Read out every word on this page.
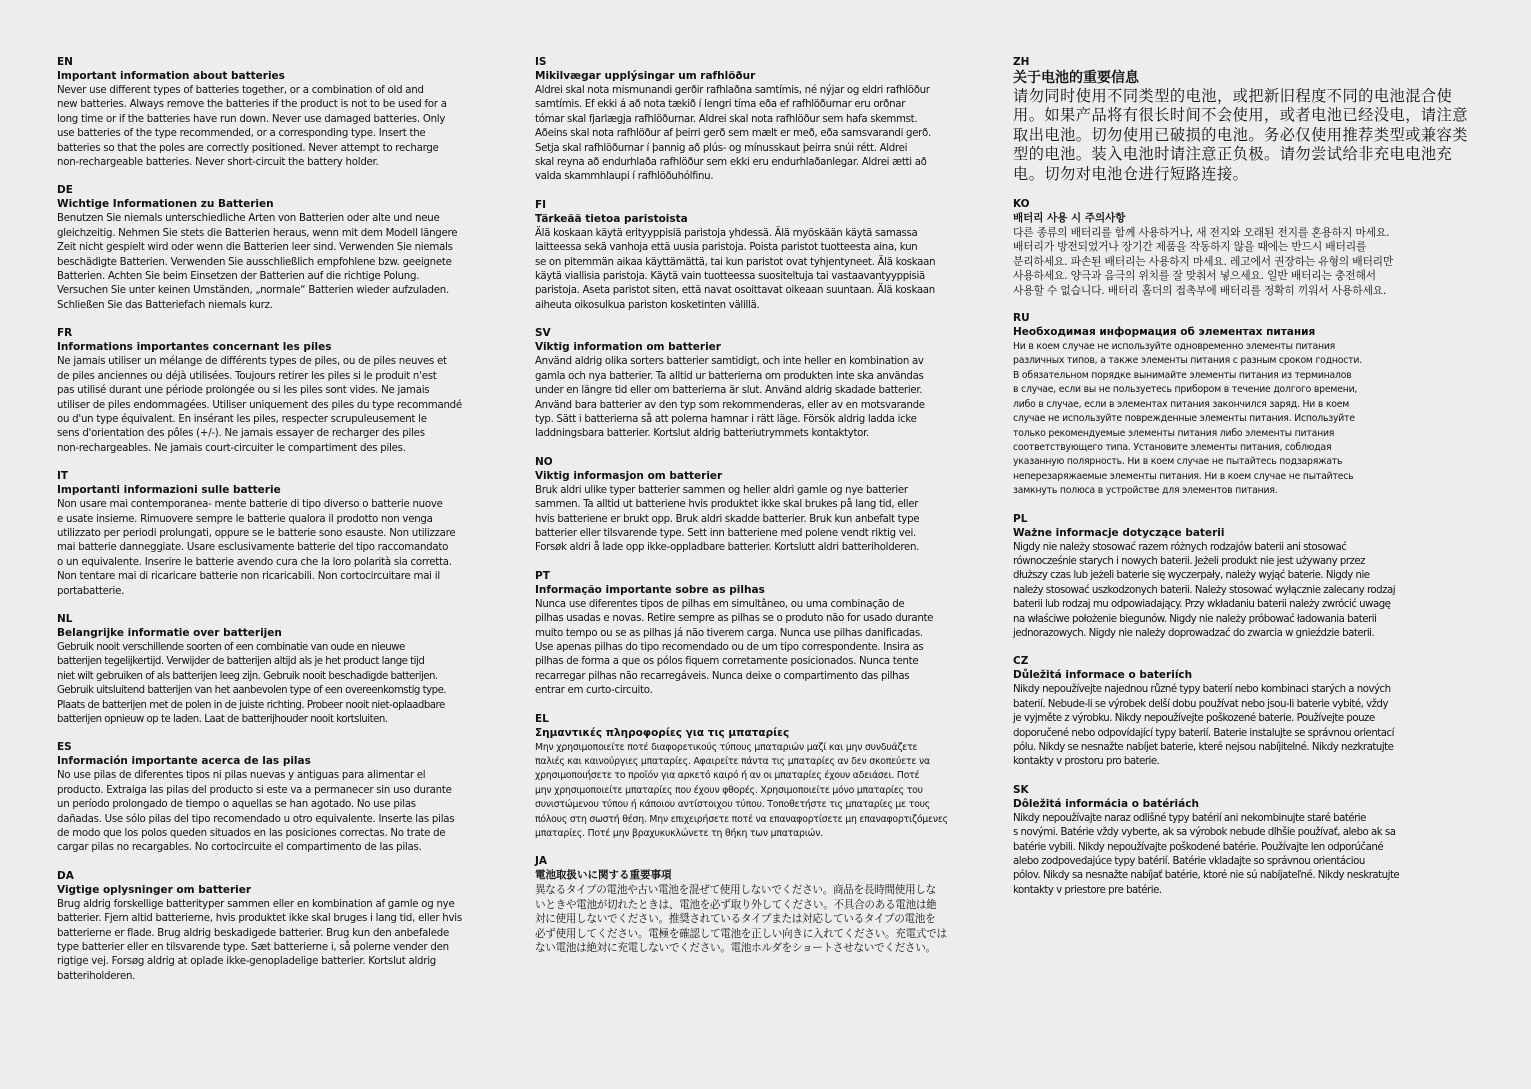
EN
Important information about batteries
Never use different types of batteries together, or a combination of old and
new batteries. Always remove the batteries if the product is not to be used for a
long time or if the batteries have run down. Never use damaged batteries. Only
use batteries of the type recommended, or a corresponding type. Insert the
batteries so that the poles are correctly positioned. Never attempt to recharge
non-rechargeable batteries. Never short-circuit the battery holder.
DE
Wichtige Informationen zu Batterien
Benutzen Sie niemals unterschiedliche Arten von Batterien oder alte und neue
gleichzeitig. Nehmen Sie stets die Batterien heraus, wenn mit dem Modell längere
Zeit nicht gespielt wird oder wenn die Batterien leer sind. Verwenden Sie niemals
beschädigte Batterien. Verwenden Sie ausschließlich empfohlene bzw. geeignete
Batterien. Achten Sie beim Einsetzen der Batterien auf die richtige Polung.
Versuchen Sie unter keinen Umständen, „normale“ Batterien wieder aufzuladen.
Schließen Sie das Batteriefach niemals kurz.
FR
Informations importantes concernant les piles
Ne jamais utiliser un mélange de différents types de piles, ou de piles neuves et
de piles anciennes ou déjà utilisées. Toujours retirer les piles si le produit n'est
pas utilisé durant une période prolongée ou si les piles sont vides. Ne jamais
utiliser de piles endommagées. Utiliser uniquement des piles du type recommandé
ou d'un type équivalent. En insérant les piles, respecter scrupuleusement le
sens d'orientation des pôles (+/-). Ne jamais essayer de recharger des piles
non-rechargeables. Ne jamais court-circuiter le compartiment des piles.
IT
Importanti informazioni sulle batterie
Non usare mai contemporanea- mente batterie di tipo diverso o batterie nuove
e usate insieme. Rimuovere sempre le batterie qualora il prodotto non venga
utilizzato per periodi prolungati, oppure se le batterie sono esauste. Non utilizzare
mai batterie danneggiate. Usare esclusivamente batterie del tipo raccomandato
o un equivalente. Inserire le batterie avendo cura che la loro polarità sia corretta.
Non tentare mai di ricaricare batterie non ricaricabili. Non cortocircuitare mai il
portabatterie.
NL
Belangrijke informatie over batterijen
Gebruik nooit verschillende soorten of een combinatie van oude en nieuwe
batterijen tegelijkertijd. Verwijder de batterijen altijd als je het product lange tijd
niet wilt gebruiken of als batterijen leeg zijn. Gebruik nooit beschadigde batterijen.
Gebruik uitsluitend batterijen van het aanbevolen type of een overeenkomstig type.
Plaats de batterijen met de polen in de juiste richting. Probeer nooit niet-oplaadbare
batterijen opnieuw op te laden. Laat de batterijhouder nooit kortsluiten.
ES
Información importante acerca de las pilas
No use pilas de diferentes tipos ni pilas nuevas y antiguas para alimentar el
producto. Extraiga las pilas del producto si este va a permanecer sin uso durante
un período prolongado de tiempo o aquellas se han agotado. No use pilas
dañadas. Use sólo pilas del tipo recomendado u otro equivalente. Inserte las pilas
de modo que los polos queden situados en las posiciones correctas. No trate de
cargar pilas no recargables. No cortocircuite el compartimento de las pilas.
DA
Vigtige oplysninger om batterier
Brug aldrig forskellige batterityper sammen eller en kombination af gamle og nye
batterier. Fjern altid batterierne, hvis produktet ikke skal bruges i lang tid, eller hvis
batterierne er flade. Brug aldrig beskadigede batterier. Brug kun den anbefalede
type batterier eller en tilsvarende type. Sæt batterierne i, så polerne vender den
rigtige vej. Forsøg aldrig at oplade ikke-genopladelige batterier. Kortslut aldrig
batteriholderen.
IS
Mikilvægar upplýsingar um rafhlöður
Aldrei skal nota mismunandi gerðir rafhlaðna samtímis, né nýjar og eldri rafhlöður
samtímis. Ef ekki á að nota tækið í lengri tíma eða ef rafhlöðurnar eru orðnar
tómar skal fjarlægja rafhlöðurnar. Aldrei skal nota rafhlöður sem hafa skemmst.
Aðeins skal nota rafhlöður af þeirri gerð sem mælt er með, eða samsvarandi gerð.
Setja skal rafhlöðurnar í þannig að plús- og mínusskaut þeirra snúi rétt. Aldrei
skal reyna að endurhlaða rafhlöður sem ekki eru endurhlaðanlegar. Aldrei ætti að
valda skammhlaupi í rafhlöðuhólfinu.
FI
Tärkeää tietoa paristoista
Älä koskaan käytä erityyppisiä paristoja yhdessä. Älä myöskään käytä samassa
laitteessa sekä vanhoja että uusia paristoja. Poista paristot tuotteesta aina, kun
se on pitemmän aikaa käyttämättä, tai kun paristot ovat tyhjentyneet. Älä koskaan
käytä viallisia paristoja. Käytä vain tuotteessa suositeltuja tai vastaavantyyppisiä
paristoja. Aseta paristot siten, että navat osoittavat oikeaan suuntaan. Älä koskaan
aiheuta oikosulkua pariston kosketinten välillä.
SV
Viktig information om batterier
Använd aldrig olika sorters batterier samtidigt, och inte heller en kombination av
gamla och nya batterier. Ta alltid ur batterierna om produkten inte ska användas
under en längre tid eller om batterierna är slut. Använd aldrig skadade batterier.
Använd bara batterier av den typ som rekommenderas, eller av en motsvarande
typ. Sätt i batterierna så att polerna hamnar i rätt läge. Försök aldrig ladda icke
laddningsbara batterier. Kortslut aldrig batteriutrymmets kontaktytor.
NO
Viktig informasjon om batterier
Bruk aldri ulike typer batterier sammen og heller aldri gamle og nye batterier
sammen. Ta alltid ut batteriene hvis produktet ikke skal brukes på lang tid, eller
hvis batteriene er brukt opp. Bruk aldri skadde batterier. Bruk kun anbefalt type
batterier eller tilsvarende type. Sett inn batteriene med polene vendt riktig vei.
Forsøk aldri å lade opp ikke-oppladbare batterier. Kortslutt aldri batteriholderen.
PT
Informação importante sobre as pilhas
Nunca use diferentes tipos de pilhas em simultâneo, ou uma combinação de
pilhas usadas e novas. Retire sempre as pilhas se o produto não for usado durante
muito tempo ou se as pilhas já não tiverem carga. Nunca use pilhas danificadas.
Use apenas pilhas do tipo recomendado ou de um tipo correspondente. Insira as
pilhas de forma a que os pólos fiquem corretamente posicionados. Nunca tente
recarregar pilhas não recarregáveis. Nunca deixe o compartimento das pilhas
entrar em curto-circuito.
EL
Σημαντικές πληροφορίες για τις μπαταρίες
Μην χρησιμοποιείτε ποτέ διαφορετικούς τύπους μπαταριών μαζί και μην συνδυάζετε
παλιές και καινούργιες μπαταρίες. Αφαιρείτε πάντα τις μπαταρίες αν δεν σκοπεύετε να
χρησιμοποιήσετε το προϊόν για αρκετό καιρό ή αν οι μπαταρίες έχουν αδειάσει. Ποτέ
μην χρησιμοποιείτε μπαταρίες που έχουν φθορές. Χρησιμοποιείτε μόνο μπαταρίες του
συνιστώμενου τύπου ή κάποιου αντίστοιχου τύπου. Τοποθετήστε τις μπαταρίες με τους
πόλους στη σωστή θέση. Μην επιχειρήσετε ποτέ να επαναφορτίσετε μη επαναφορτιζόμενες
μπαταρίες. Ποτέ μην βραχυκυκλώνετε τη θήκη των μπαταριών.
JA
電池取扱いに関する重要事項
異なるタイプの電池や古い電池を混ぜて使用しないでください。商品を長時間使用しな
いときや電池が切れたときは、電池を必ず取り外してください。不具合のある電池は絶
対に使用しないでください。推奨されているタイプまたは対応しているタイプの電池を
必ず使用してください。電極を確認して電池を正しい向きに入れてください。充電式では
ない電池は絶対に充電しないでください。電池ホルダをショートさせないでください。
ZH
关于电池的重要信息
请勿同时使用不同类型的电池，或把新旧程度不同的电池混合使
用。如果产品将有很长时间不会使用，或者电池已经没电，请注意
取出电池。切勿使用已破损的电池。务必仅使用推荐类型或兼容类
型的电池。装入电池时请注意正负极。请勿尝试给非充电电池充
电。切勿对电池仓进行短路连接。
KO
배터리 사용 시 주의사항
다른 종류의 배터리를 함께 사용하거나, 새 전지와 오래된 전지를 혼용하지 마세요.
배터리가 방전되었거나 장기간 제품을 작동하지 않을 때에는 반드시 배터리를
분리하세요. 파손된 배터리는 사용하지 마세요. 레고에서 권장하는 유형의 배터리만
사용하세요. 양극과 음극의 위치를 잘 맞춰서 넣으세요. 일반 배터리는 충전해서
사용할 수 없습니다. 배터리 홀더의 접촉부에 배터리를 정확히 끼워서 사용하세요.
RU
Необходимая информация об элементах питания
Ни в коем случае не используйте одновременно элементы питания
различных типов, а также элементы питания с разным сроком годности.
В обязательном порядке вынимайте элементы питания из терминалов
в случае, если вы не пользуетесь прибором в течение долгого времени,
либо в случае, если в элементах питания закончился заряд. Ни в коем
случае не используйте поврежденные элементы питания. Используйте
только рекомендуемые элементы питания либо элементы питания
соответствующего типа. Установите элементы питания, соблюдая
указанную полярность. Ни в коем случае не пытайтесь подзаряжать
неперезаряжаемые элементы питания. Ни в коем случае не пытайтесь
замкнуть полюса в устройстве для элементов питания.
PL
Ważne informacje dotyczące baterii
Nigdy nie należy stosować razem różnych rodzajów baterii ani stosować
równocześnie starych i nowych baterii. Jeżeli produkt nie jest używany przez
dłuższy czas lub jeżeli baterie się wyczerpały, należy wyjąć baterie. Nigdy nie
należy stosować uszkodzonych baterii. Należy stosować wyłącznie zalecany rodzaj
baterii lub rodzaj mu odpowiadający. Przy wkładaniu baterii należy zwrócić uwagę
na właściwe położenie biegunów. Nigdy nie należy próbować ładowania baterii
jednorazowych. Nigdy nie należy doprowadzać do zwarcia w gnieździe baterii.
CZ
Důležitá informace o bateriích
Nikdy nepoužívejte najednou různé typy baterií nebo kombinaci starých a nových
baterií. Nebude-li se výrobek delší dobu používat nebo jsou-li baterie vybité, vždy
je vyjměte z výrobku. Nikdy nepoužívejte poškozené baterie. Používejte pouze
doporučené nebo odpovídající typy baterií. Baterie instalujte se správnou orientací
pólu. Nikdy se nesnažte nabíjet baterie, které nejsou nabíjitelné. Nikdy nezkratujte
kontakty v prostoru pro baterie.
SK
Dôležitá informácia o batériách
Nikdy nepoužívajte naraz odlišné typy batérií ani nekombinujte staré batérie
s novými. Batérie vždy vyberte, ak sa výrobok nebude dlhšie používať, alebo ak sa
batérie vybili. Nikdy nepoužívajte poškodené batérie. Používajte len odporúčané
alebo zodpovedajúce typy batérií. Batérie vkladajte so správnou orientáciou
pólov. Nikdy sa nesnažte nabíjať batérie, ktoré nie sú nabíjateľné. Nikdy neskratujte
kontakty v priestore pre batérie.
